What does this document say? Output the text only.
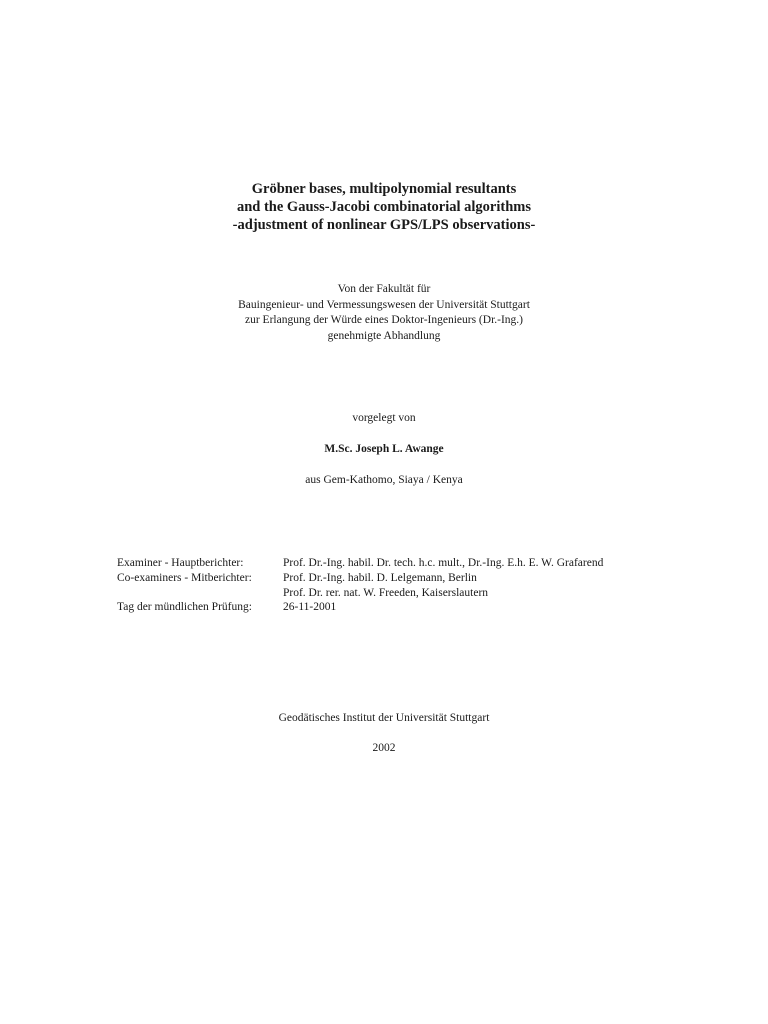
Gröbner bases, multipolynomial resultants
and the Gauss-Jacobi combinatorial algorithms
-adjustment of nonlinear GPS/LPS observations-
Von der Fakultät für
Bauingenieur- und Vermessungswesen der Universität Stuttgart
zur Erlangung der Würde eines Doktor-Ingenieurs (Dr.-Ing.)
genehmigte Abhandlung
vorgelegt von
M.Sc. Joseph L. Awange
aus Gem-Kathomo, Siaya / Kenya
Examiner - Hauptberichter:	Prof. Dr.-Ing. habil. Dr. tech. h.c. mult., Dr.-Ing. E.h. E. W. Grafarend
Co-examiners - Mitberichter:	Prof. Dr.-Ing. habil. D. Lelgemann, Berlin
Prof. Dr. rer. nat. W. Freeden, Kaiserslautern
Tag der mündlichen Prüfung:	26-11-2001
Geodätisches Institut der Universität Stuttgart
2002
